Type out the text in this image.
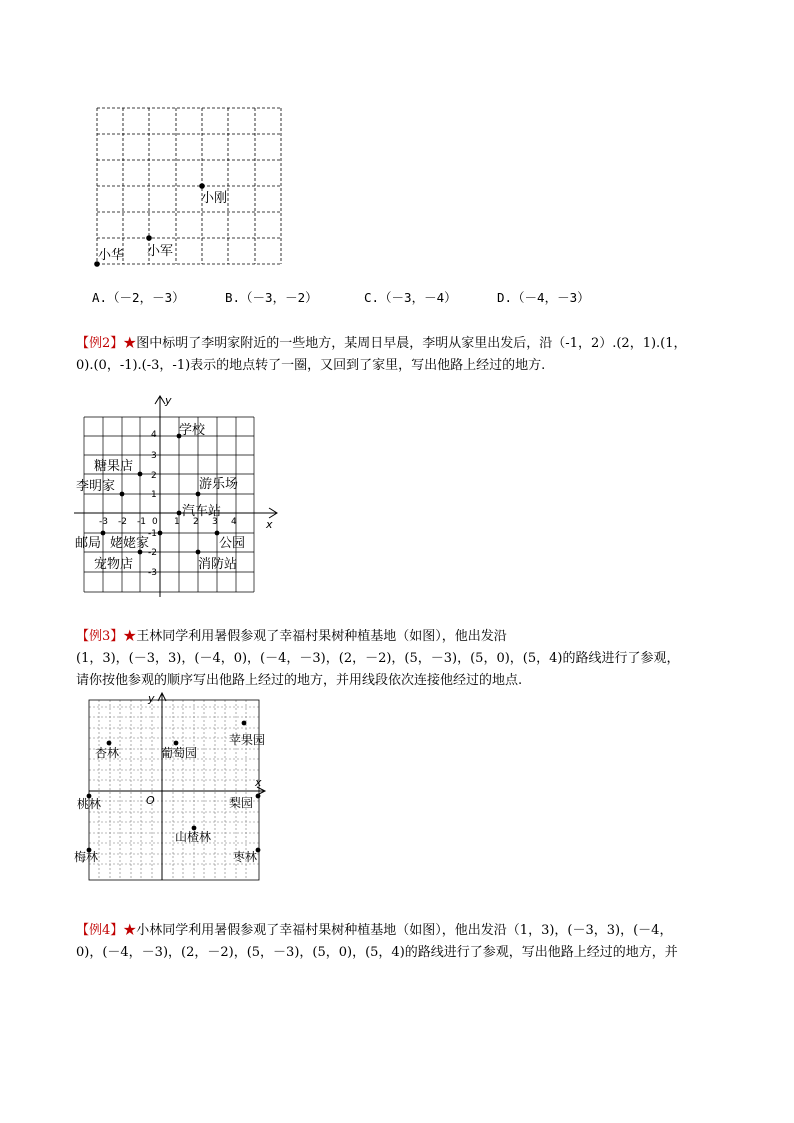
小刚
小军
小华
A.（－2，－3）	B.（－3，－2）	C.（－3，－4）	D.（－4，－3）
【例2】★图中标明了李明家附近的一些地方，某周日早晨，李明从家里出发后，沿（-1，2）.(2，1).(1，
0).(0，-1).(-3，-1)表示的地点转了一圈，又回到了家里，写出他路上经过的地方.
x
y
-3 -2 -1 0 1 2 3 4
4
3
2
1
-1
-2
-3
学校
糖果店
李明家	游乐场
汽车站
邮局 姥姥家
宠物店
公园
消防站
【例3】★王林同学利用暑假参观了幸福村果树种植基地（如图），他出发沿
(1，3)，(－3，3)，(－4，0)，(－4，－3)，(2，－2)，(5，－3)，(5，0)，(5，4)的路线进行了参观，
请你按他参观的顺序写出他路上经过的地方，并用线段依次连接他经过的地点.
y
x
O
杏林	葡萄园
苹果园
桃林	梨园
山楂林
梅林	枣林
【例4】★小林同学利用暑假参观了幸福村果树种植基地（如图），他出发沿（1，3)，(－3，3)，(－4，
0)，(－4，－3)，(2，－2)，(5，－3)，(5，0)，(5，4)的路线进行了参观，写出他路上经过的地方，并
